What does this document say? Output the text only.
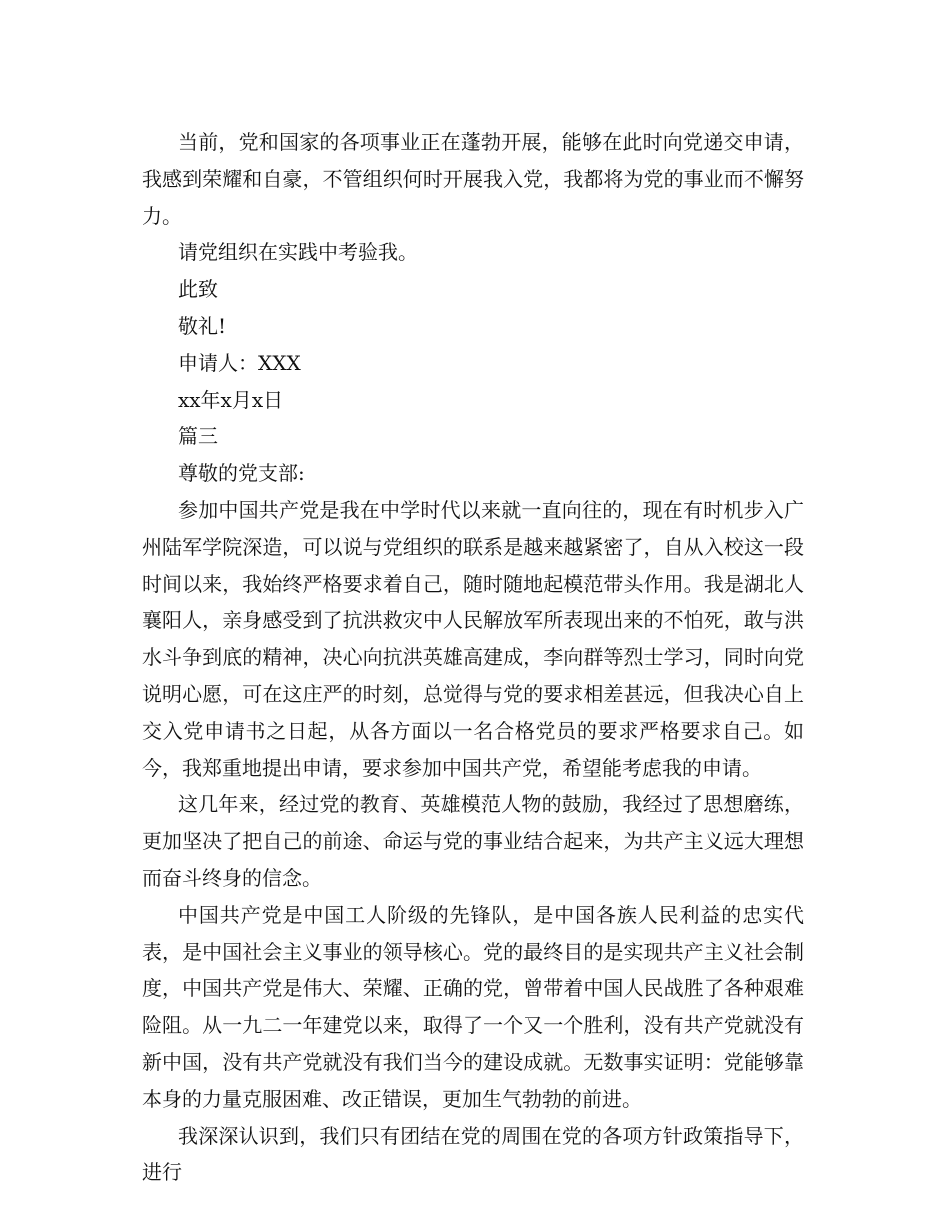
当前，党和国家的各项事业正在蓬勃开展，能够在此时向党递交申请，我感到荣耀和自豪，不管组织何时开展我入党，我都将为党的事业而不懈努力。

请党组织在实践中考验我。

此致

敬礼!

申请人：XXX

xx年x月x日

篇三

尊敬的党支部:

参加中国共产党是我在中学时代以来就一直向往的，现在有时机步入广州陆军学院深造，可以说与党组织的联系是越来越紧密了，自从入校这一段时间以来，我始终严格要求着自己，随时随地起模范带头作用。我是湖北人襄阳人，亲身感受到了抗洪救灾中人民解放军所表现出来的不怕死，敢与洪水斗争到底的精神，决心向抗洪英雄高建成，李向群等烈士学习，同时向党说明心愿，可在这庄严的时刻，总觉得与党的要求相差甚远，但我决心自上交入党申请书之日起，从各方面以一名合格党员的要求严格要求自己。如今，我郑重地提出申请，要求参加中国共产党，希望能考虑我的申请。

这几年来，经过党的教育、英雄模范人物的鼓励，我经过了思想磨练，更加坚决了把自己的前途、命运与党的事业结合起来，为共产主义远大理想而奋斗终身的信念。

中国共产党是中国工人阶级的先锋队，是中国各族人民利益的忠实代表，是中国社会主义事业的领导核心。党的最终目的是实现共产主义社会制度，中国共产党是伟大、荣耀、正确的党，曾带着中国人民战胜了各种艰难险阻。从一九二一年建党以来，取得了一个又一个胜利，没有共产党就没有新中国，没有共产党就没有我们当今的建设成就。无数事实证明：党能够靠本身的力量克服困难、改正错误，更加生气勃勃的前进。

我深深认识到，我们只有团结在党的周围在党的各项方针政策指导下，进行
